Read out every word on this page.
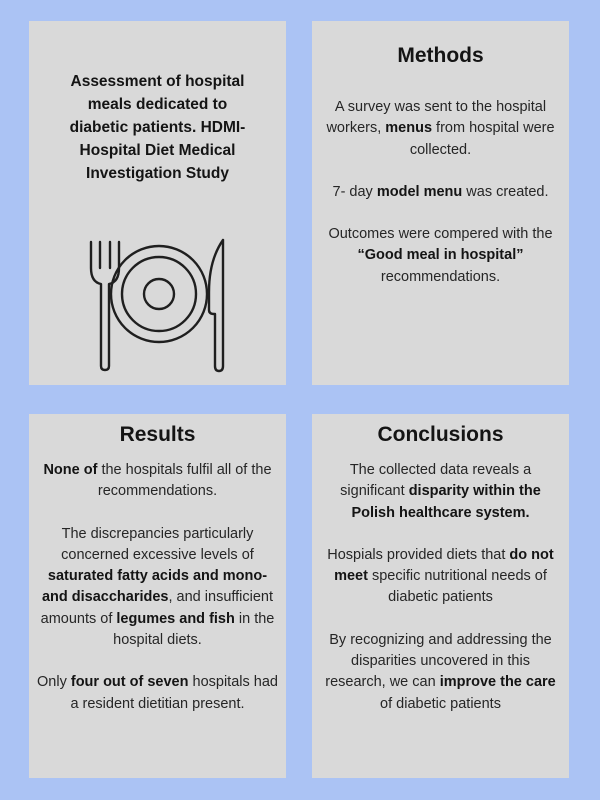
Assessment of hospital meals dedicated to diabetic patients. HDMI-Hospital Diet Medical Investigation Study
Methods

A survey was sent to the hospital workers, menus from hospital were collected.

7- day model menu was created.

Outcomes were compered with the “Good meal in hospital” recommendations.

Results

None of the hospitals fulfil all of the recommendations.

The discrepancies particularly concerned excessive levels of saturated fatty acids and mono- and disaccharides, and insufficient amounts of legumes and fish in the hospital diets.

Only four out of seven hospitals had a resident dietitian present.

Conclusions

The collected data reveals a significant disparity within the Polish healthcare system.

Hospials provided diets that do not meet specific nutritional needs of diabetic patients

By recognizing and addressing the disparities uncovered in this research, we can improve the care of diabetic patients
